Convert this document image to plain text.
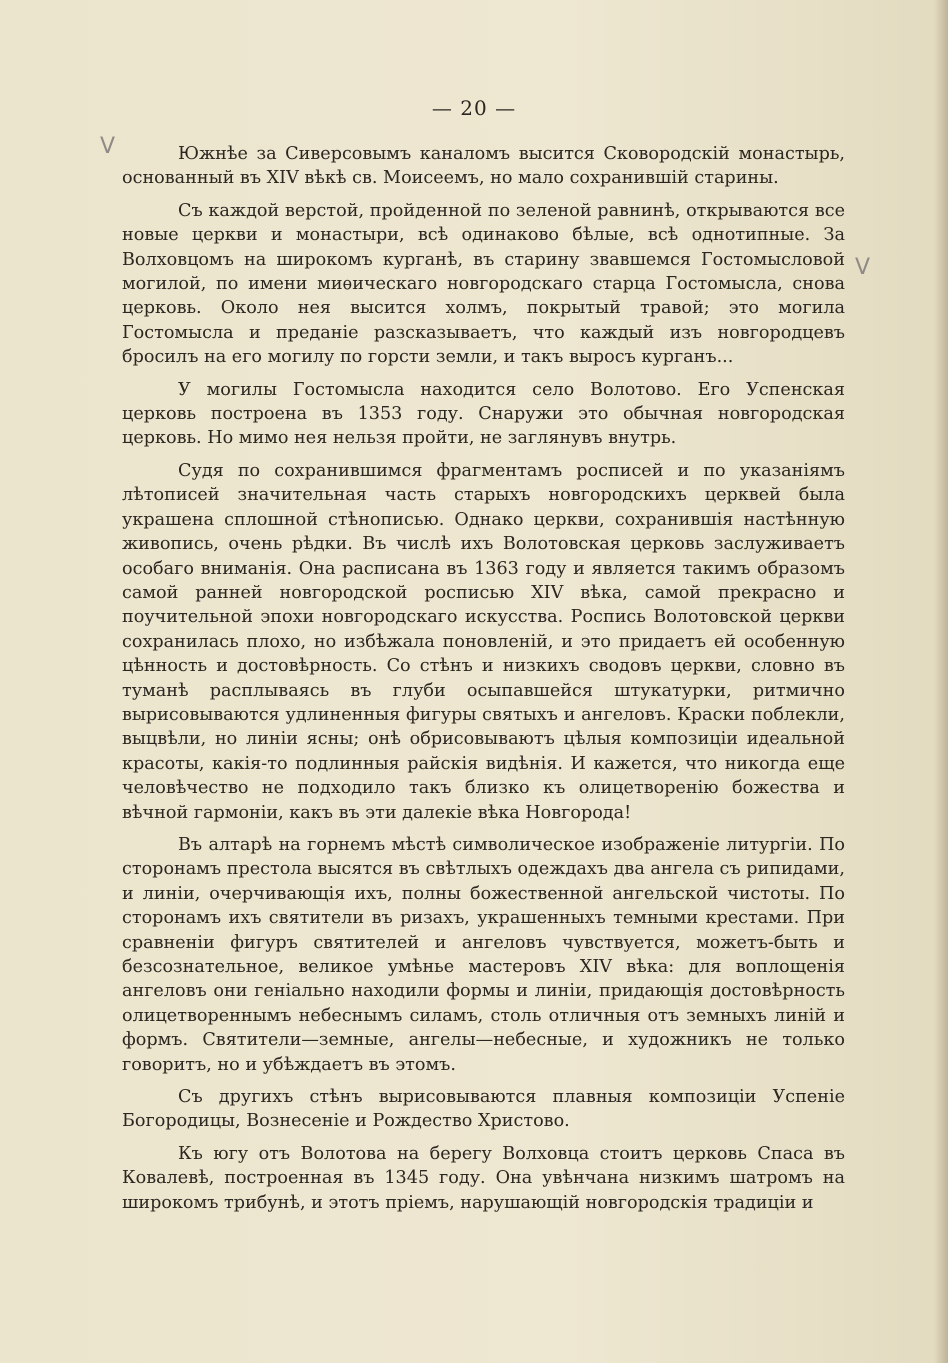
— 20 —
V
V

Южнѣе за Сиверсовымъ каналомъ высится Сковородскій монастырь, основанный въ XIV вѣкѣ св. Моисеемъ, но мало сохранившій старины.

Съ каждой верстой, пройденной по зеленой равнинѣ, открываются все новые церкви и монастыри, всѣ одинаково бѣлые, всѣ однотипные. За Волховцомъ на широкомъ курганѣ, въ старину звавшемся Гостомысловой могилой, по имени миѳическаго новгородскаго старца Гостомысла, снова церковь. Около нея высится холмъ, покрытый травой; это могила Гостомысла и преданіе разсказываетъ, что каждый изъ новгородцевъ бросилъ на его могилу по горсти земли, и такъ выросъ курганъ...

У могилы Гостомысла находится село Волотово. Его Успенская церковь построена въ 1353 году. Снаружи это обычная новгородская церковь. Но мимо нея нельзя пройти, не заглянувъ внутрь.

Судя по сохранившимся фрагментамъ росписей и по указаніямъ лѣтописей значительная часть старыхъ новгородскихъ церквей была украшена сплошной стѣнописью. Однако церкви, сохранившія настѣнную живопись, очень рѣдки. Въ числѣ ихъ Волотовская церковь заслуживаетъ особаго вниманія. Она расписана въ 1363 году и является такимъ образомъ самой ранней новгородской росписью XIV вѣка, самой прекрасно и поучительной эпохи новгородскаго искусства. Роспись Волотовской церкви сохранилась плохо, но избѣжала поновленій, и это придаетъ ей особенную цѣнность и достовѣрность. Со стѣнъ и низкихъ сводовъ церкви, словно въ туманѣ расплываясь въ глуби осыпавшейся штукатурки, ритмично вырисовываются удлиненныя фигуры святыхъ и ангеловъ. Краски поблекли, выцвѣли, но линіи ясны; онѣ обрисовываютъ цѣлыя композиціи идеальной красоты, какія-то подлинныя райскія видѣнія. И кажется, что никогда еще человѣчество не подходило такъ близко къ олицетворенію божества и вѣчной гармоніи, какъ въ эти далекіе вѣка Новгорода!

Въ алтарѣ на горнемъ мѣстѣ символическое изображеніе литургіи. По сторонамъ престола высятся въ свѣтлыхъ одеждахъ два ангела съ рипидами, и линіи, очерчивающія ихъ, полны божественной ангельской чистоты. По сторонамъ ихъ святители въ ризахъ, украшенныхъ темными крестами. При сравненіи фигуръ святителей и ангеловъ чувствуется, можетъ-быть и безсознательное, великое умѣнье мастеровъ XIV вѣка: для воплощенія ангеловъ они геніально находили формы и линіи, придающія достовѣрность олицетвореннымъ небеснымъ силамъ, столь отличныя отъ земныхъ линій и формъ. Святители—земные, ангелы—небесные, и художникъ не только говоритъ, но и убѣждаетъ въ этомъ.

Съ другихъ стѣнъ вырисовываются плавныя композиціи Успеніе Богородицы, Вознесеніе и Рождество Христово.

Къ югу отъ Волотова на берегу Волховца стоитъ церковь Спаса въ Ковалевѣ, построенная въ 1345 году. Она увѣнчана низкимъ шатромъ на широкомъ трибунѣ, и этотъ пріемъ, нарушающій новгородскія традиціи и
